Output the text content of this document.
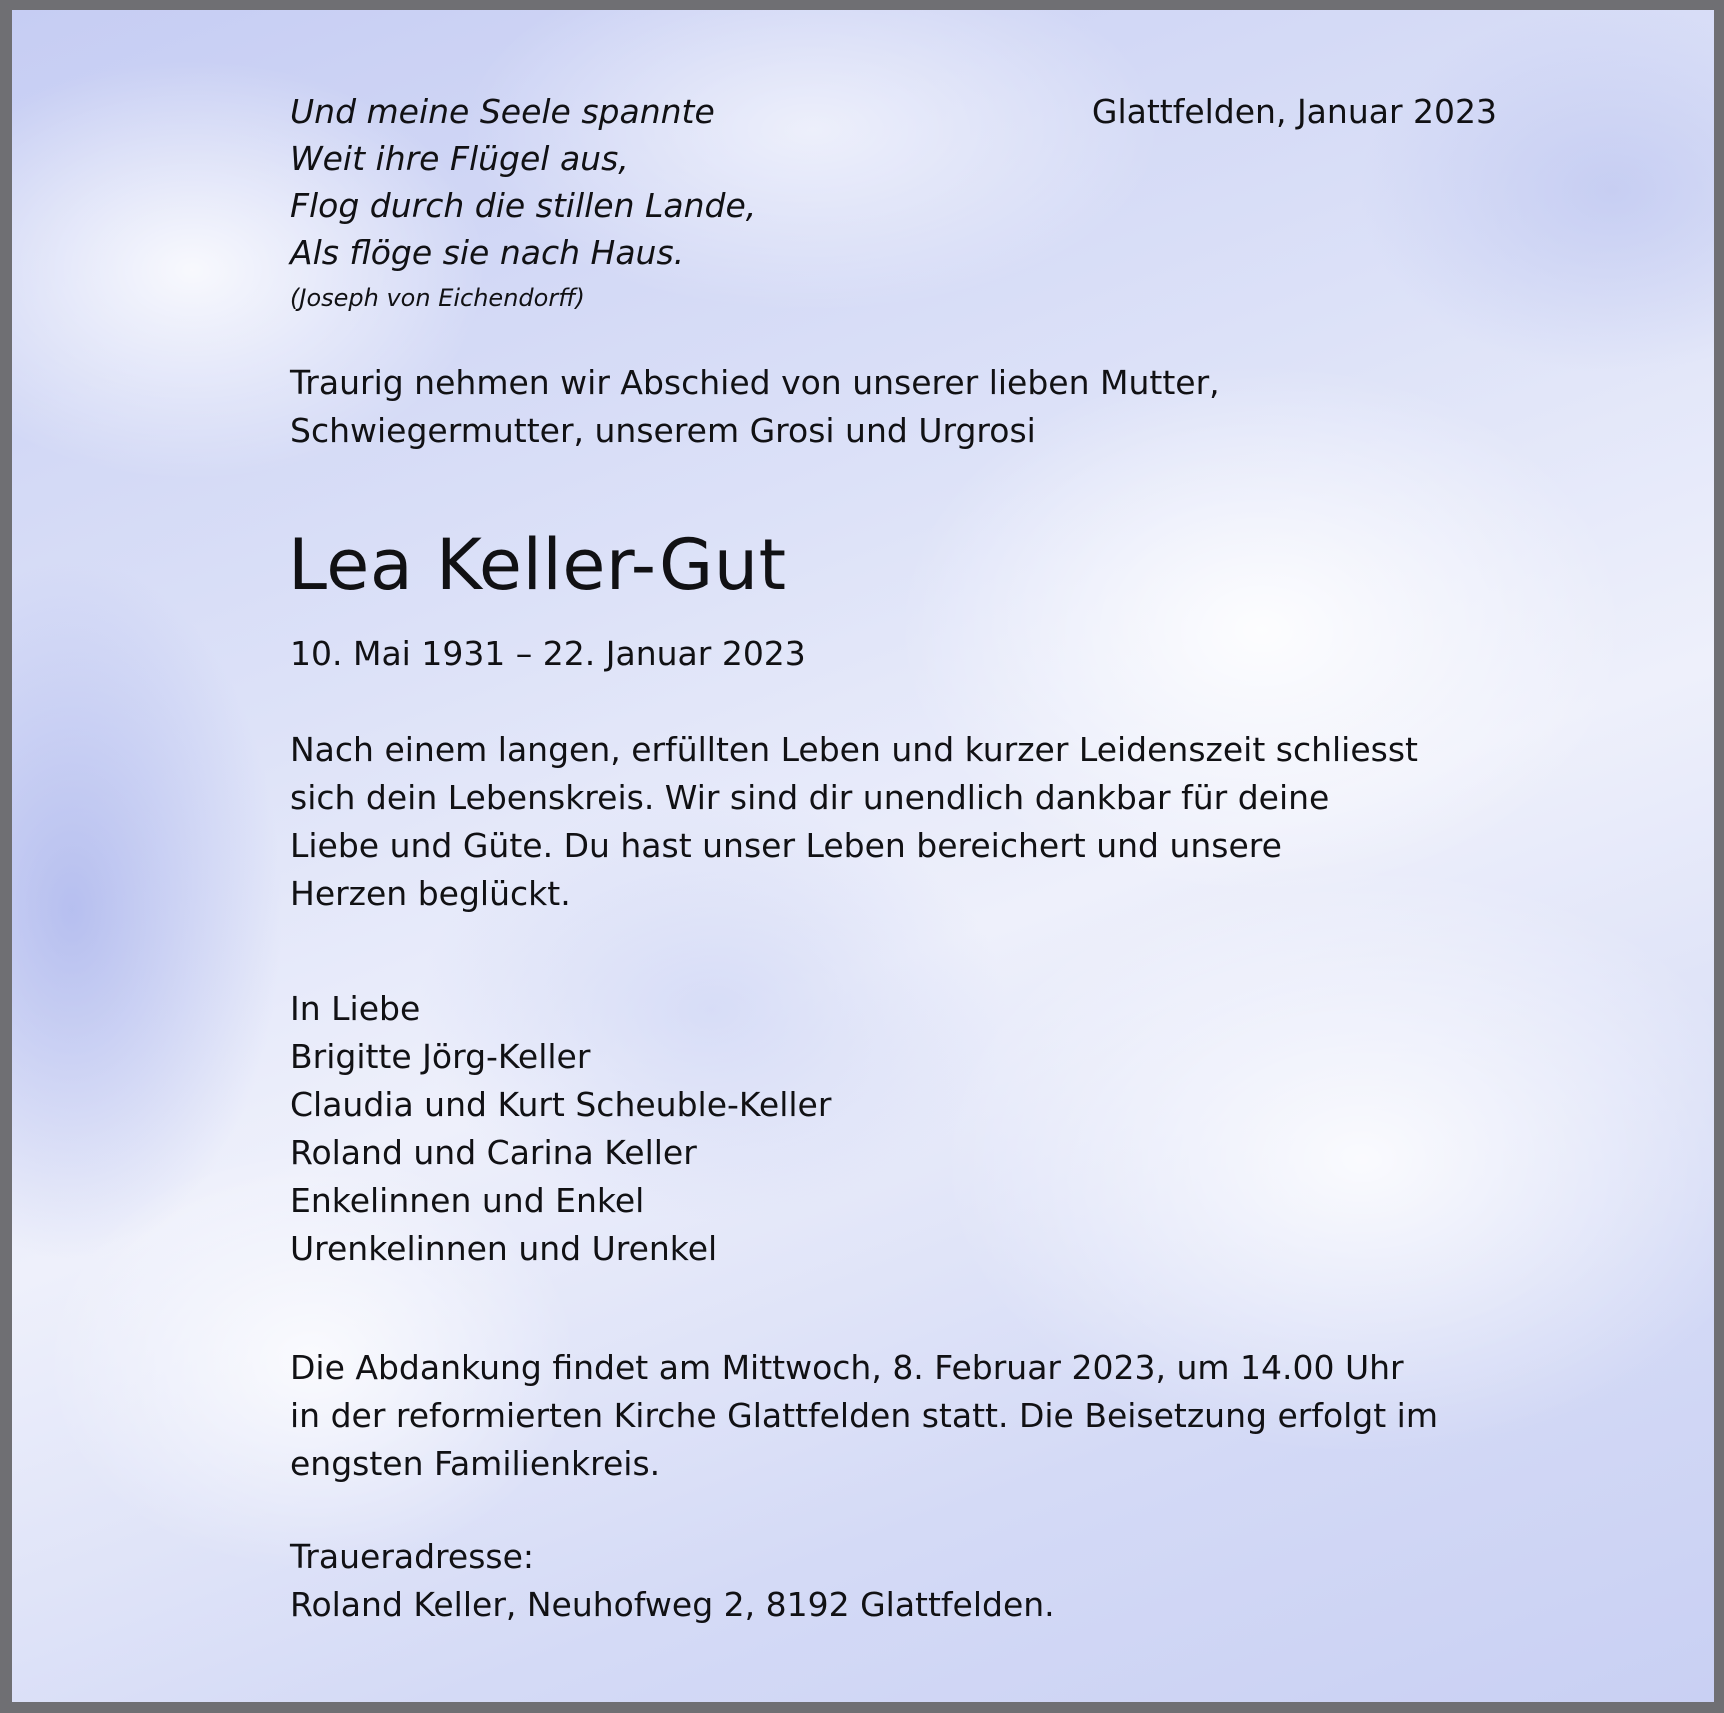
Und meine Seele spannte
Weit ihre Flügel aus,
Flog durch die stillen Lande,
Als flöge sie nach Haus.
(Joseph von Eichendorff)
Glattfelden, Januar 2023
Traurig nehmen wir Abschied von unserer lieben Mutter,
Schwiegermutter, unserem Grosi und Urgrosi
Lea Keller-Gut
10. Mai 1931 – 22. Januar 2023
Nach einem langen, erfüllten Leben und kurzer Leidenszeit schliesst
sich dein Lebenskreis. Wir sind dir unendlich dankbar für deine
Liebe und Güte. Du hast unser Leben bereichert und unsere
Herzen beglückt.
In Liebe
Brigitte Jörg-Keller
Claudia und Kurt Scheuble-Keller
Roland und Carina Keller
Enkelinnen und Enkel
Urenkelinnen und Urenkel
Die Abdankung findet am Mittwoch, 8. Februar 2023, um 14.00 Uhr
in der reformierten Kirche Glattfelden statt. Die Beisetzung erfolgt im
engsten Familienkreis.
Traueradresse:
Roland Keller, Neuhofweg 2, 8192 Glattfelden.
